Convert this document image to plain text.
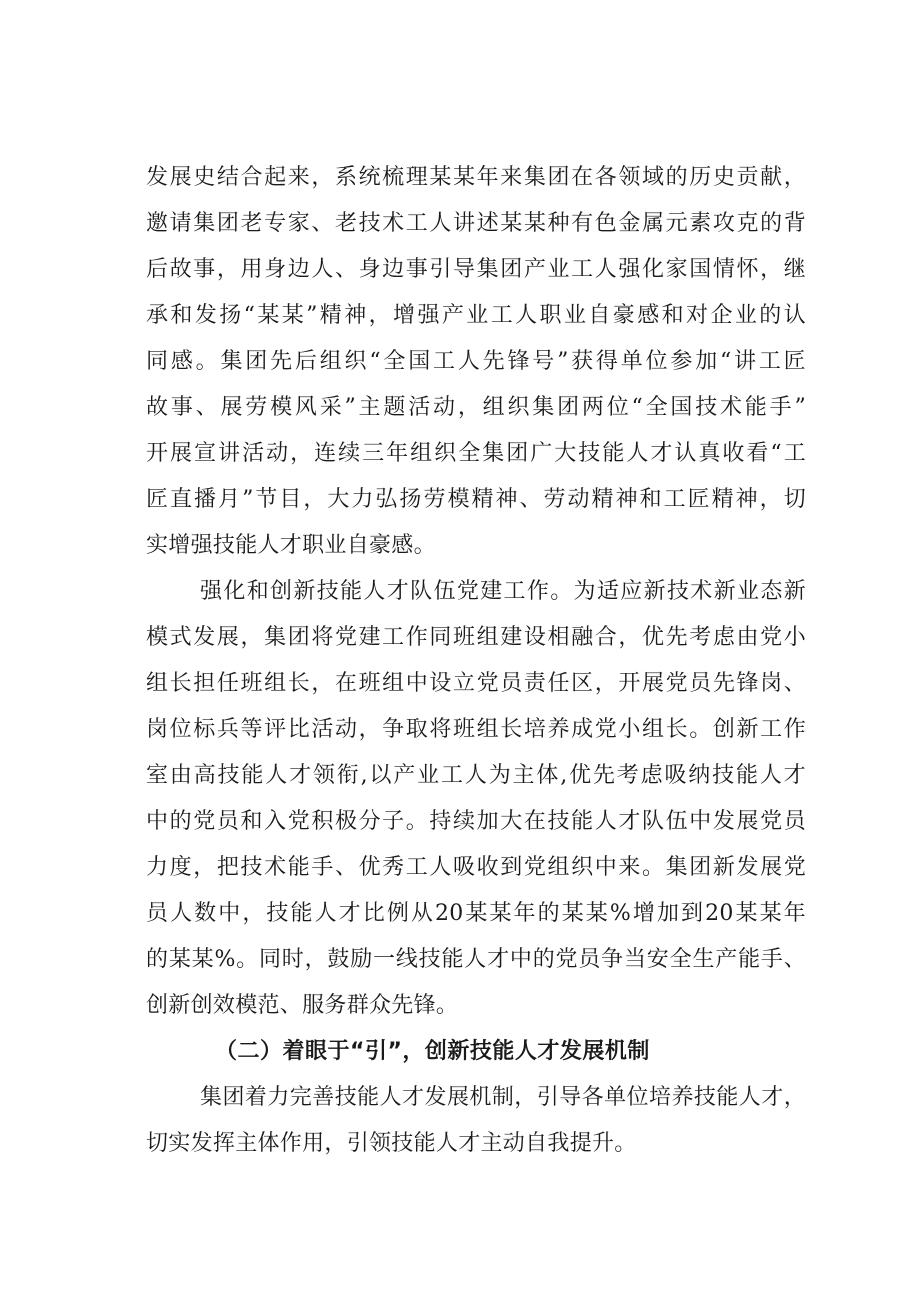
发展史结合起来，系统梳理某某年来集团在各领域的历史贡献，
邀请集团老专家、老技术工人讲述某某种有色金属元素攻克的背
后故事，用身边人、身边事引导集团产业工人强化家国情怀，继
承和发扬“某某”精神，增强产业工人职业自豪感和对企业的认
同感。集团先后组织“全国工人先锋号”获得单位参加“讲工匠
故事、展劳模风采”主题活动，组织集团两位“全国技术能手”
开展宣讲活动，连续三年组织全集团广大技能人才认真收看“工
匠直播月”节目，大力弘扬劳模精神、劳动精神和工匠精神，切
实增强技能人才职业自豪感。
强化和创新技能人才队伍党建工作。为适应新技术新业态新
模式发展，集团将党建工作同班组建设相融合，优先考虑由党小
组长担任班组长，在班组中设立党员责任区，开展党员先锋岗、
岗位标兵等评比活动，争取将班组长培养成党小组长。创新工作
室由高技能人才领衔,以产业工人为主体,优先考虑吸纳技能人才
中的党员和入党积极分子。持续加大在技能人才队伍中发展党员
力度，把技术能手、优秀工人吸收到党组织中来。集团新发展党
员人数中，技能人才比例从20某某年的某某%增加到20某某年
的某某%。同时，鼓励一线技能人才中的党员争当安全生产能手、
创新创效模范、服务群众先锋。
（二）着眼于“引”，创新技能人才发展机制
集团着力完善技能人才发展机制，引导各单位培养技能人才，
切实发挥主体作用，引领技能人才主动自我提升。
